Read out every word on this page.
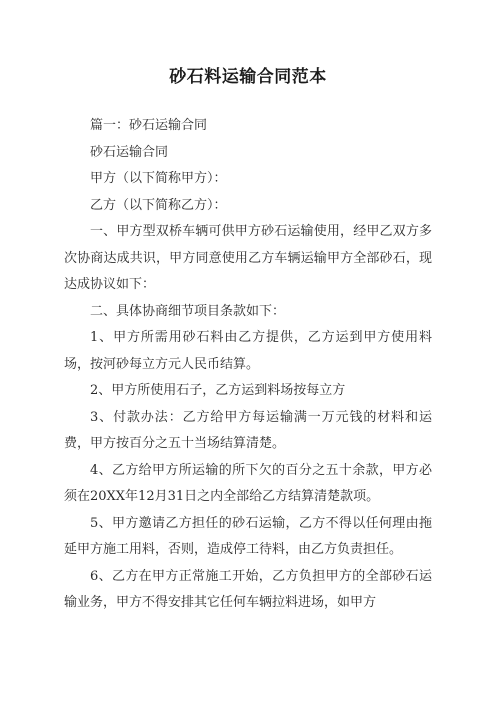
砂石料运输合同范本

篇一：砂石运输合同

砂石运输合同

甲方（以下简称甲方）：

乙方（以下简称乙方）：

一、甲方型双桥车辆可供甲方砂石运输使用，经甲乙双方多次协商达成共识，甲方同意使用乙方车辆运输甲方全部砂石，现达成协议如下：

二、具体协商细节项目条款如下：

1、甲方所需用砂石料由乙方提供，乙方运到甲方使用料场，按河砂每立方元人民币结算。

2、甲方所使用石子，乙方运到料场按每立方

3、付款办法：乙方给甲方每运输满一万元钱的材料和运费，甲方按百分之五十当场结算清楚。

4、乙方给甲方所运输的所下欠的百分之五十余款，甲方必须在20XX年12月31日之内全部给乙方结算清楚款项。

5、甲方邀请乙方担任的砂石运输，乙方不得以任何理由拖延甲方施工用料，否则，造成停工待料，由乙方负责担任。

6、乙方在甲方正常施工开始，乙方负担甲方的全部砂石运输业务，甲方不得安排其它任何车辆拉料进场，如甲方
